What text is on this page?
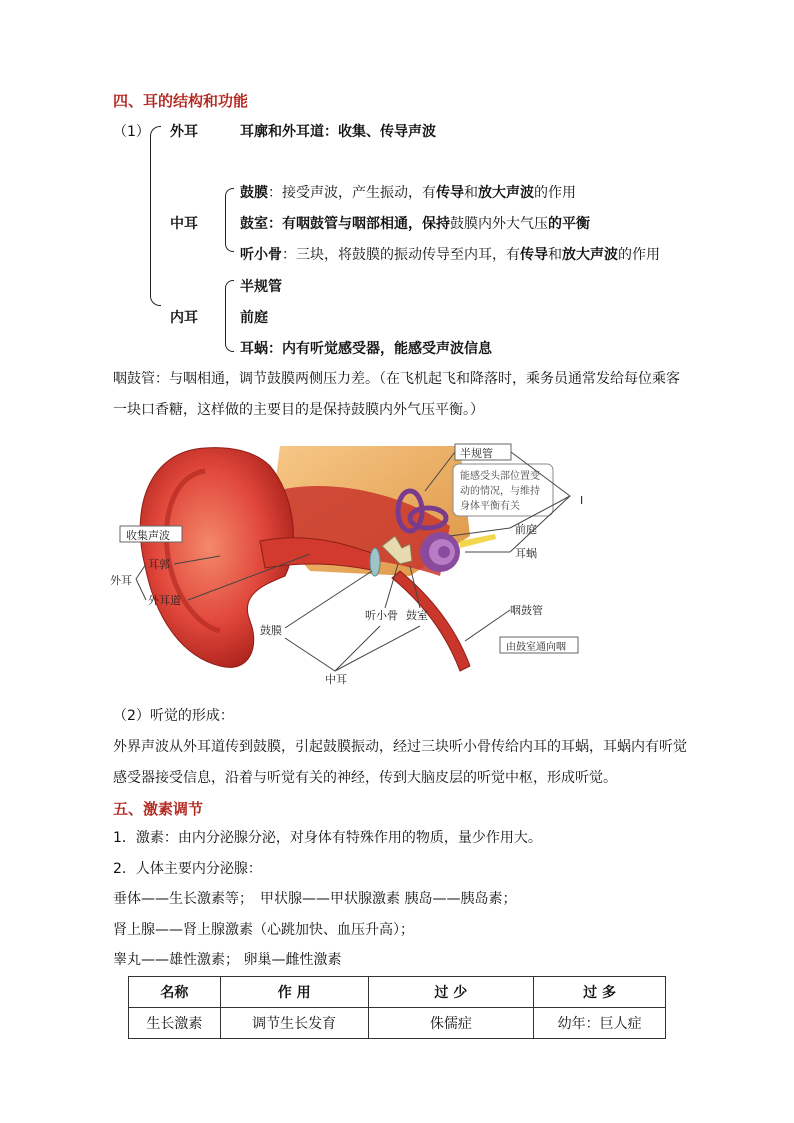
四、耳的结构和功能
（1） 外耳	耳廓和外耳道：收集、传导声波
中耳
鼓膜：接受声波，产生振动，有传导和放大声波的作用
鼓室：有咽鼓管与咽部相通，保持鼓膜内外大气压的平衡
听小骨：三块，将鼓膜的振动传导至内耳，有传导和放大声波的作用
内耳
半规管
前庭
耳蜗：内有听觉感受器，能感受声波信息

咽鼓管：与咽相通，调节鼓膜两侧压力差。（在飞机起飞和降落时，乘务员通常发给每位乘客

一块口香糖，这样做的主要目的是保持鼓膜内外气压平衡。）

半规管
能感受头部位置变
动的情况，与维持
身体平衡有关
前庭
耳蜗
I
收集声波
外耳
耳郭
外耳道
鼓膜
听小骨 鼓室	咽鼓管
由鼓室通向咽
中耳

（2）听觉的形成：

外界声波从外耳道传到鼓膜，引起鼓膜振动，经过三块听小骨传给内耳的耳蜗，耳蜗内有听觉

感受器接受信息，沿着与听觉有关的神经，传到大脑皮层的听觉中枢，形成听觉。

五、激素调节

1．激素：由内分泌腺分泌，对身体有特殊作用的物质，量少作用大。

2．人体主要内分泌腺：

垂体——生长激素等；　甲状腺——甲状腺激素 胰岛——胰岛素；

肾上腺——肾上腺激素（心跳加快、血压升高）；

睾丸——雄性激素； 卵巢—雌性激素

名称	作 用	过 少	过 多
生长激素	调节生长发育	侏儒症	幼年：巨人症
